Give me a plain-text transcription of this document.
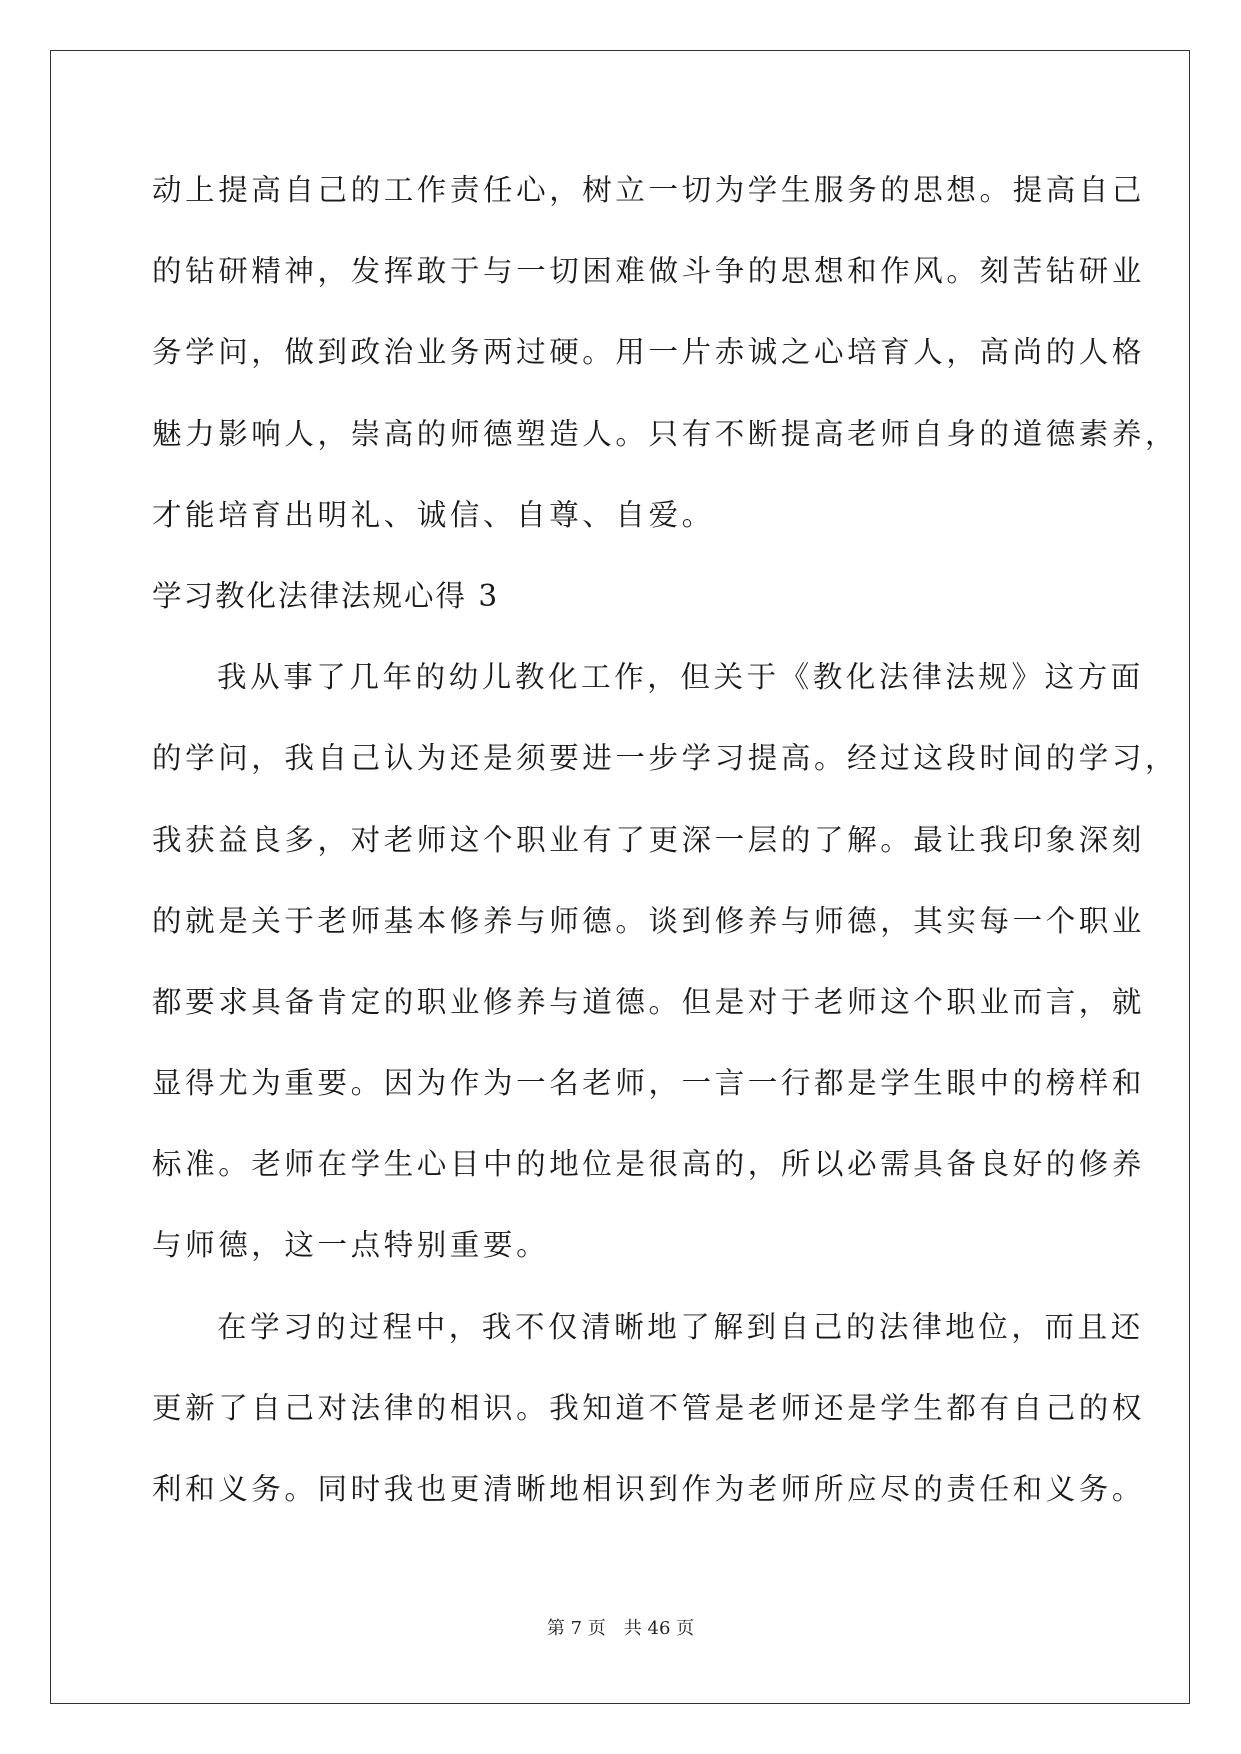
动上提高自己的工作责任心，树立一切为学生服务的思想。提高自己
的钻研精神，发挥敢于与一切困难做斗争的思想和作风。刻苦钻研业
务学问，做到政治业务两过硬。用一片赤诚之心培育人，高尚的人格
魅力影响人，崇高的师德塑造人。只有不断提高老师自身的道德素养，
才能培育出明礼、诚信、自尊、自爱。
学习教化法律法规心得 3
我从事了几年的幼儿教化工作，但关于《教化法律法规》这方面
的学问，我自己认为还是须要进一步学习提高。经过这段时间的学习，
我获益良多，对老师这个职业有了更深一层的了解。最让我印象深刻
的就是关于老师基本修养与师德。谈到修养与师德，其实每一个职业
都要求具备肯定的职业修养与道德。但是对于老师这个职业而言，就
显得尤为重要。因为作为一名老师，一言一行都是学生眼中的榜样和
标准。老师在学生心目中的地位是很高的，所以必需具备良好的修养
与师德，这一点特别重要。
在学习的过程中，我不仅清晰地了解到自己的法律地位，而且还
更新了自己对法律的相识。我知道不管是老师还是学生都有自己的权
利和义务。同时我也更清晰地相识到作为老师所应尽的责任和义务。
第 7 页　共 46 页
